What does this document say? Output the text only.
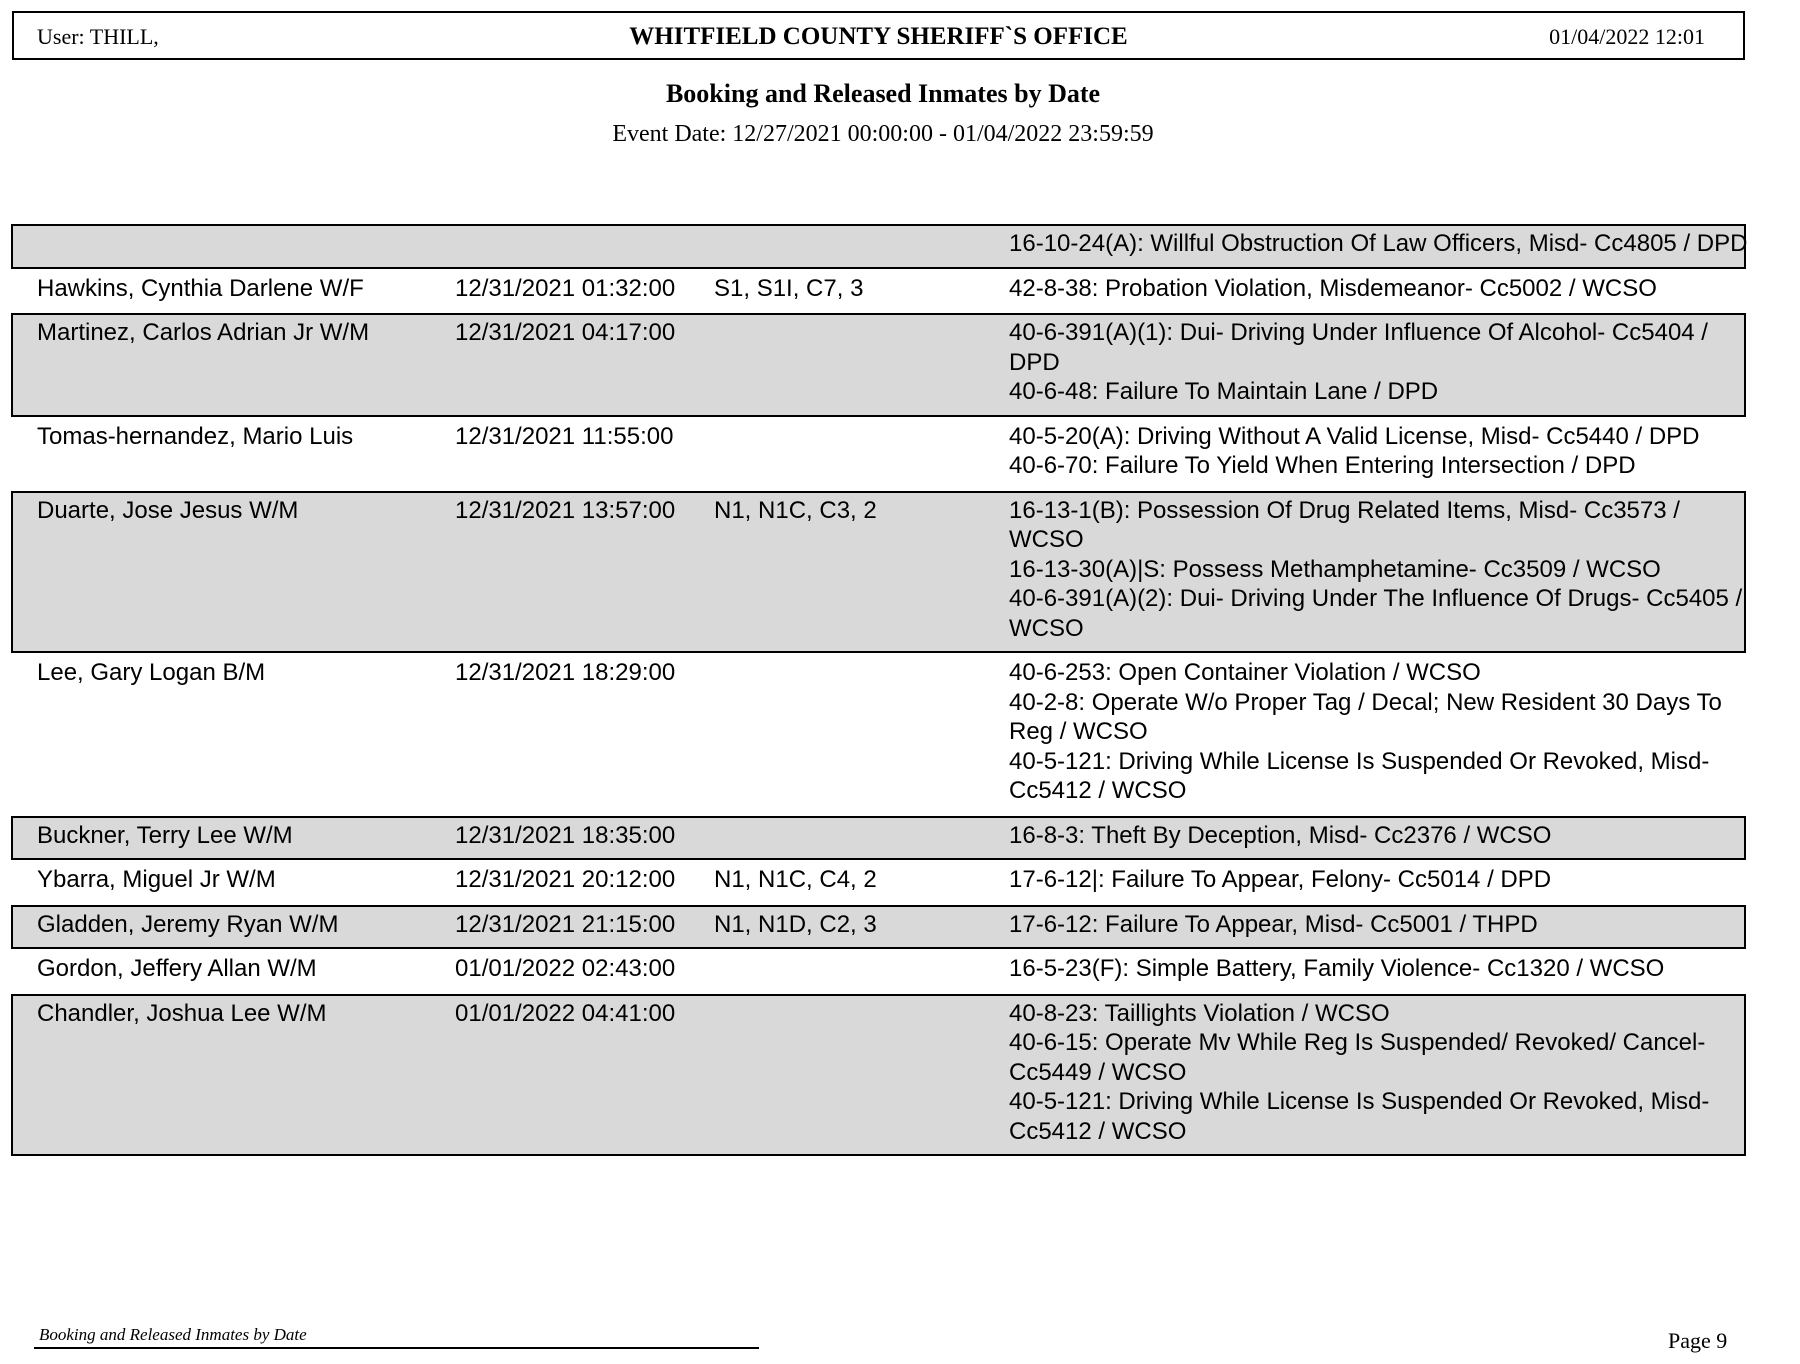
User: THILL,	WHITFIELD COUNTY SHERIFF`S OFFICE	01/04/2022 12:01
Booking and Released Inmates by Date
Event Date: 12/27/2021 00:00:00 - 01/04/2022 23:59:59
16-10-24(A): Willful Obstruction Of Law Officers, Misd- Cc4805 / DPD
Hawkins, Cynthia Darlene W/F	12/31/2021 01:32:00 S1, S1I, C7, 3	42-8-38: Probation Violation, Misdemeanor- Cc5002 / WCSO
Martinez, Carlos Adrian Jr W/M	12/31/2021 04:17:00	40-6-391(A)(1): Dui- Driving Under Influence Of Alcohol- Cc5404 / DPD
40-6-48: Failure To Maintain Lane / DPD
Tomas-hernandez, Mario Luis	12/31/2021 11:55:00	40-5-20(A): Driving Without A Valid License, Misd- Cc5440 / DPD
40-6-70: Failure To Yield When Entering Intersection / DPD
Duarte, Jose Jesus W/M	12/31/2021 13:57:00 N1, N1C, C3, 2	16-13-1(B): Possession Of Drug Related Items, Misd- Cc3573 / WCSO
16-13-30(A)|S: Possess Methamphetamine- Cc3509 / WCSO
40-6-391(A)(2): Dui- Driving Under The Influence Of Drugs- Cc5405 / WCSO
Lee, Gary Logan B/M	12/31/2021 18:29:00	40-6-253: Open Container Violation / WCSO
40-2-8: Operate W/o Proper Tag / Decal; New Resident 30 Days To Reg / WCSO
40-5-121: Driving While License Is Suspended Or Revoked, Misd- Cc5412 / WCSO
Buckner, Terry Lee W/M	12/31/2021 18:35:00	16-8-3: Theft By Deception, Misd- Cc2376 / WCSO
Ybarra, Miguel Jr W/M	12/31/2021 20:12:00 N1, N1C, C4, 2	17-6-12|: Failure To Appear, Felony- Cc5014 / DPD
Gladden, Jeremy Ryan W/M	12/31/2021 21:15:00 N1, N1D, C2, 3	17-6-12: Failure To Appear, Misd- Cc5001 / THPD
Gordon, Jeffery Allan W/M	01/01/2022 02:43:00	16-5-23(F): Simple Battery, Family Violence- Cc1320 / WCSO
Chandler, Joshua Lee W/M	01/01/2022 04:41:00	40-8-23: Taillights Violation / WCSO
40-6-15: Operate Mv While Reg Is Suspended/ Revoked/ Cancel- Cc5449 / WCSO
40-5-121: Driving While License Is Suspended Or Revoked, Misd- Cc5412 / WCSO
Booking and Released Inmates by Date	Page 9
